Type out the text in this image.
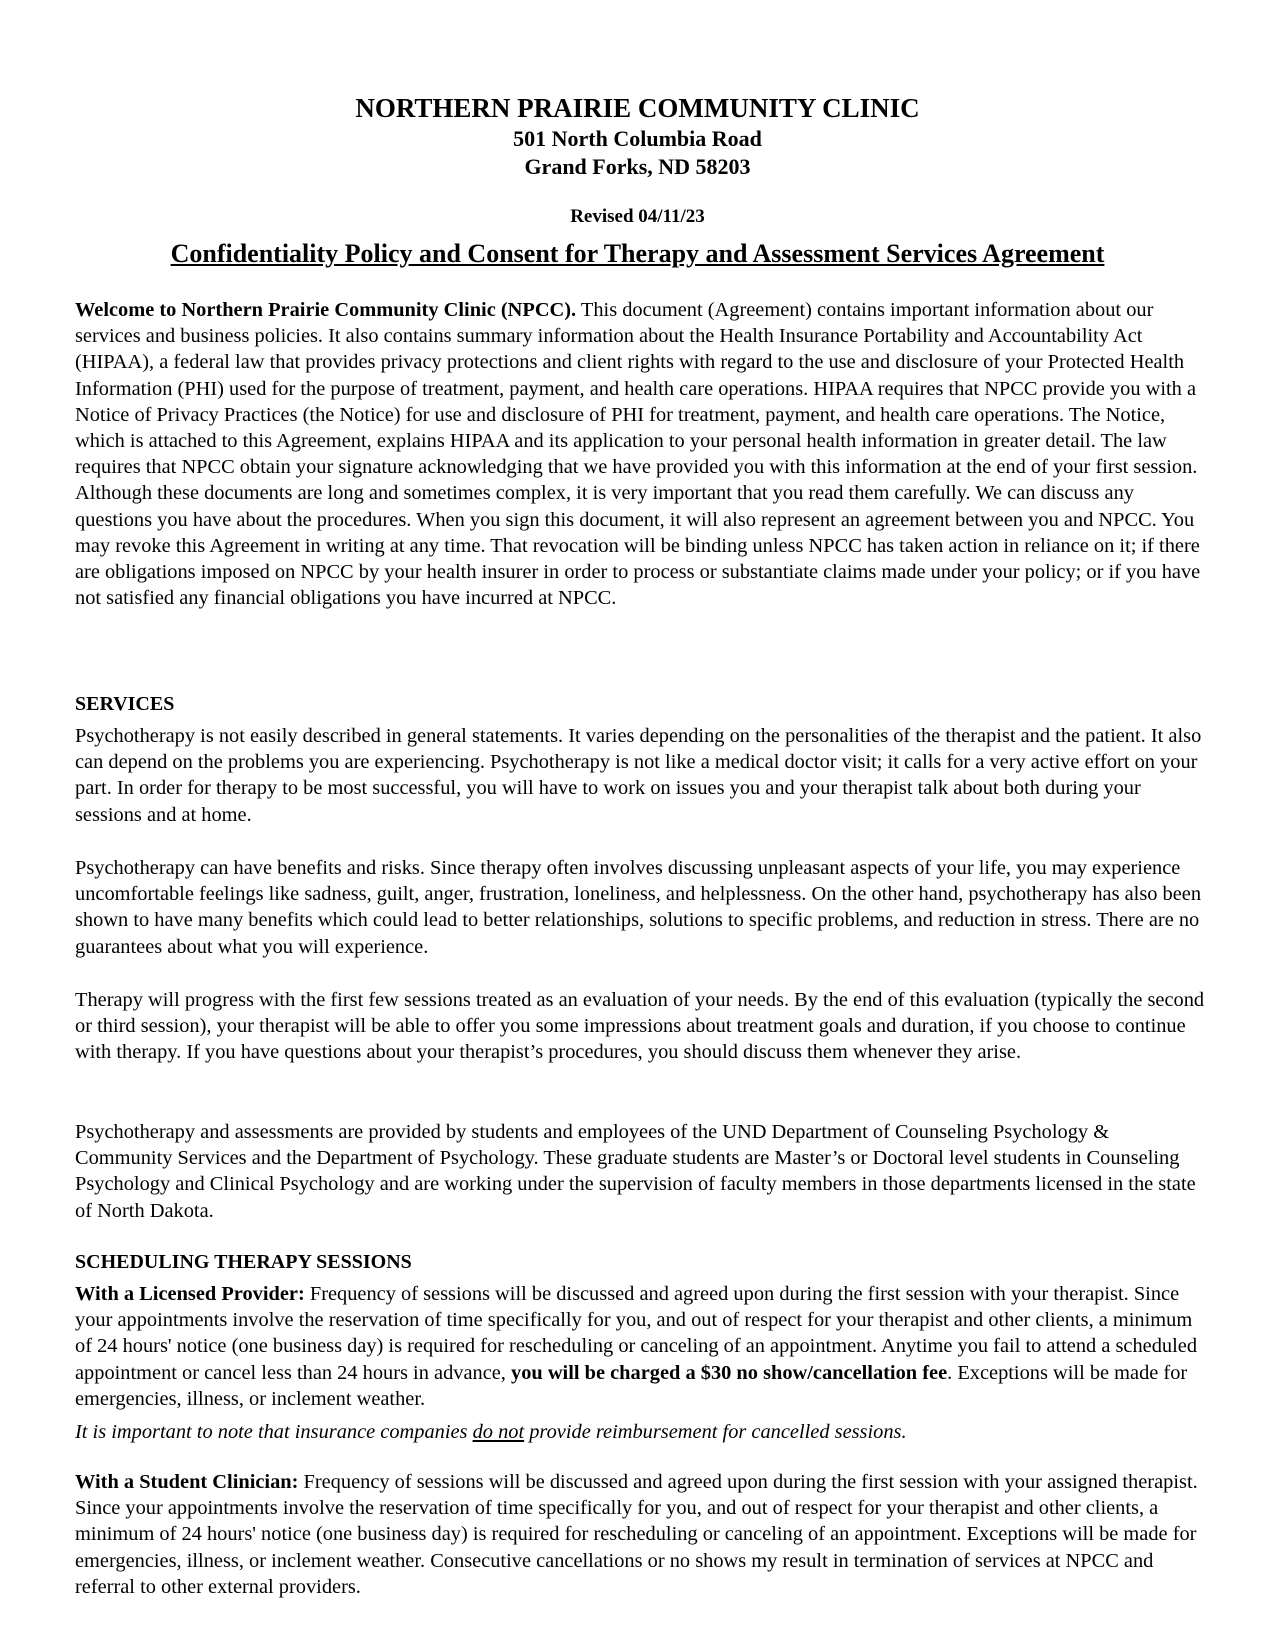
NORTHERN PRAIRIE COMMUNITY CLINIC
501 North Columbia Road
Grand Forks, ND 58203
Revised 04/11/23
Confidentiality Policy and Consent for Therapy and Assessment Services Agreement

Welcome to Northern Prairie Community Clinic (NPCC). This document (Agreement) contains important information about our services and business policies. It also contains summary information about the Health Insurance Portability and Accountability Act (HIPAA), a federal law that provides privacy protections and client rights with regard to the use and disclosure of your Protected Health Information (PHI) used for the purpose of treatment, payment, and health care operations. HIPAA requires that NPCC provide you with a Notice of Privacy Practices (the Notice) for use and disclosure of PHI for treatment, payment, and health care operations. The Notice, which is attached to this Agreement, explains HIPAA and its application to your personal health information in greater detail. The law requires that NPCC obtain your signature acknowledging that we have provided you with this information at the end of your first session. Although these documents are long and sometimes complex, it is very important that you read them carefully. We can discuss any questions you have about the procedures. When you sign this document, it will also represent an agreement between you and NPCC. You may revoke this Agreement in writing at any time. That revocation will be binding unless NPCC has taken action in reliance on it; if there are obligations imposed on NPCC by your health insurer in order to process or substantiate claims made under your policy; or if you have not satisfied any financial obligations you have incurred at NPCC.

SERVICES

Psychotherapy is not easily described in general statements. It varies depending on the personalities of the therapist and the patient. It also can depend on the problems you are experiencing. Psychotherapy is not like a medical doctor visit; it calls for a very active effort on your part. In order for therapy to be most successful, you will have to work on issues you and your therapist talk about both during your sessions and at home.

Psychotherapy can have benefits and risks. Since therapy often involves discussing unpleasant aspects of your life, you may experience uncomfortable feelings like sadness, guilt, anger, frustration, loneliness, and helplessness. On the other hand, psychotherapy has also been shown to have many benefits which could lead to better relationships, solutions to specific problems, and reduction in stress. There are no guarantees about what you will experience.

Therapy will progress with the first few sessions treated as an evaluation of your needs. By the end of this evaluation (typically the second or third session), your therapist will be able to offer you some impressions about treatment goals and duration, if you choose to continue with therapy. If you have questions about your therapist’s procedures, you should discuss them whenever they arise.

Psychotherapy and assessments are provided by students and employees of the UND Department of Counseling Psychology & Community Services and the Department of Psychology. These graduate students are Master’s or Doctoral level students in Counseling Psychology and Clinical Psychology and are working under the supervision of faculty members in those departments licensed in the state of North Dakota.

SCHEDULING THERAPY SESSIONS

With a Licensed Provider: Frequency of sessions will be discussed and agreed upon during the first session with your therapist. Since your appointments involve the reservation of time specifically for you, and out of respect for your therapist and other clients, a minimum of 24 hours' notice (one business day) is required for rescheduling or canceling of an appointment. Anytime you fail to attend a scheduled appointment or cancel less than 24 hours in advance, you will be charged a $30 no show/cancellation fee. Exceptions will be made for emergencies, illness, or inclement weather.

It is important to note that insurance companies do not provide reimbursement for cancelled sessions.

With a Student Clinician: Frequency of sessions will be discussed and agreed upon during the first session with your assigned therapist. Since your appointments involve the reservation of time specifically for you, and out of respect for your therapist and other clients, a minimum of 24 hours' notice (one business day) is required for rescheduling or canceling of an appointment. Exceptions will be made for emergencies, illness, or inclement weather. Consecutive cancellations or no shows my result in termination of services at NPCC and referral to other external providers.
